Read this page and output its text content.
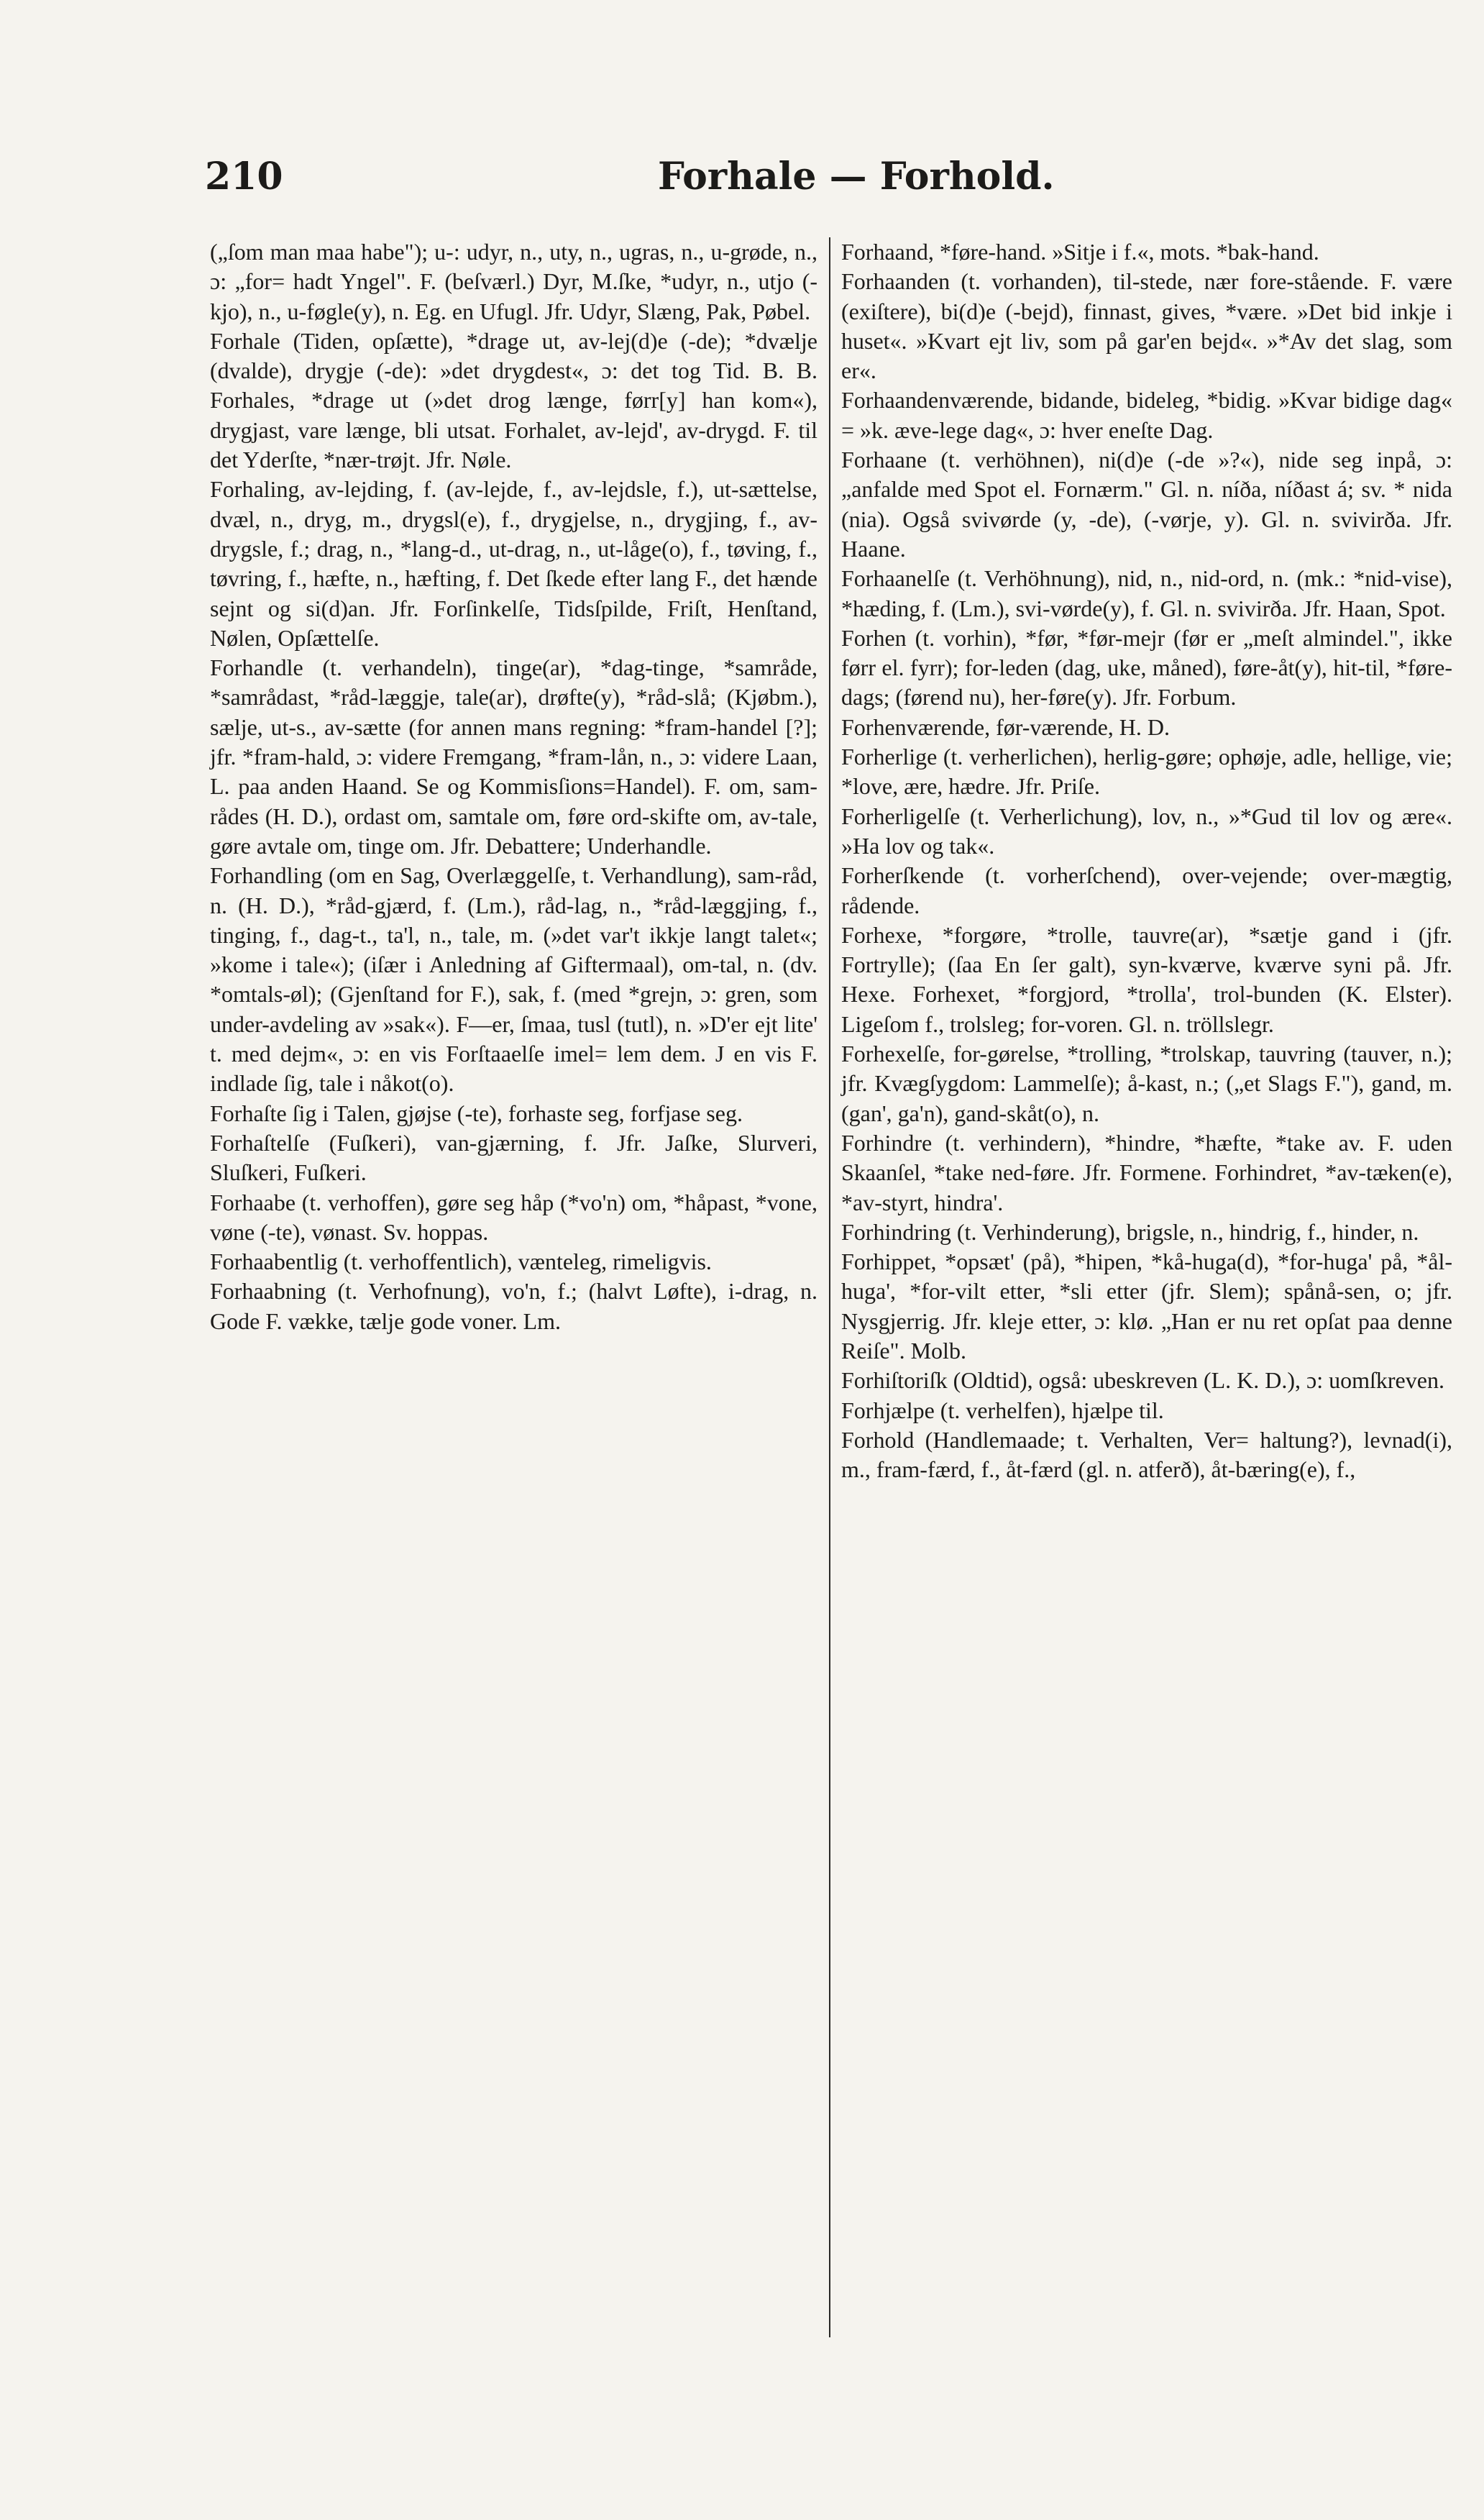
210	Forhale — Forhold.

(„ſom man maa habe"); u-: udyr, n., uty, n., ugras, n., u-grøde, n., ɔ: „for= hadt Yngel". F. (beſværl.) Dyr, M.ſke, *udyr, n., utjo (-kjo), n., u-føgle(y), n. Eg. en Ufugl. Jfr. Udyr, Slæng, Pak, Pøbel.

Forhale (Tiden, opſætte), *drage ut, av-lej(d)e (-de); *dvælje (dvalde), drygje (-de): »det drygdest«, ɔ: det tog Tid. B. B. Forhales, *drage ut (»det drog længe, førr[y] han kom«), drygjast, vare længe, bli utsat. Forhalet, av-lejd', av-drygd. F. til det Yderſte, *nær-trøjt. Jfr. Nøle.

Forhaling, av-lejding, f. (av-lejde, f., av-lejdsle, f.), ut-sættelse, dvæl, n., dryg, m., drygsl(e), f., drygjelse, n., drygjing, f., av-drygsle, f.; drag, n., *lang-d., ut-drag, n., ut-låge(o), f., tøving, f., tøvring, f., hæfte, n., hæfting, f. Det ſkede efter lang F., det hænde sejnt og si(d)an. Jfr. Forſinkelſe, Tidsſpilde, Friſt, Henſtand, Nølen, Opſættelſe.

Forhandle (t. verhandeln), tinge(ar), *dag-tinge, *samråde, *samrådast, *råd-læggje, tale(ar), drøfte(y), *råd-slå; (Kjøbm.), sælje, ut-s., av-sætte (for annen mans regning: *fram-handel [?]; jfr. *fram-hald, ɔ: videre Fremgang, *fram-lån, n., ɔ: videre Laan, L. paa anden Haand. Se og Kommisſions=Handel). F. om, sam-rådes (H. D.), ordast om, samtale om, føre ord-skifte om, av-tale, gøre avtale om, tinge om. Jfr. Debattere; Underhandle.

Forhandling (om en Sag, Overlæggelſe, t. Verhandlung), sam-råd, n. (H. D.), *råd-gjærd, f. (Lm.), råd-lag, n., *råd-læggjing, f., tinging, f., dag-t., ta'l, n., tale, m. (»det var't ikkje langt talet«; »kome i tale«); (iſær i Anledning af Giftermaal), om-tal, n. (dv. *omtals-øl); (Gjenſtand for F.), sak, f. (med *grejn, ɔ: gren, som under-avdeling av »sak«). F—er, ſmaa, tusl (tutl), n. »D'er ejt lite' t. med dejm«, ɔ: en vis Forſtaaelſe imel= lem dem. J en vis F. indlade ſig, tale i nåkot(o).

Forhaſte ſig i Talen, gjøjse (-te), forhaste seg, forfjase seg.

Forhaſtelſe (Fuſkeri), van-gjærning, f. Jfr. Jaſke, Slurveri, Sluſkeri, Fuſkeri.

Forhaabe (t. verhoffen), gøre seg håp (*vo'n) om, *håpast, *vone, vøne (-te), vønast. Sv. hoppas.

Forhaabentlig (t. verhoffentlich), vænteleg, rimeligvis.

Forhaabning (t. Verhofnung), vo'n, f.; (halvt Løfte), i-drag, n. Gode F. vække, tælje gode voner. Lm.

Forhaand, *føre-hand. »Sitje i f.«, mots. *bak-hand.

Forhaanden (t. vorhanden), til-stede, nær fore-stående. F. være (exiſtere), bi(d)e (-bejd), finnast, gives, *være. »Det bid inkje i huset«. »Kvart ejt liv, som på gar'en bejd«. »*Av det slag, som er«.

Forhaandenværende, bidande, bideleg, *bidig. »Kvar bidige dag« = »k. æve-lege dag«, ɔ: hver eneſte Dag.

Forhaane (t. verhöhnen), ni(d)e (-de »?«), nide seg inpå, ɔ: „anfalde med Spot el. Fornærm." Gl. n. níða, níðast á; sv. * nida (nia). Også svivørde (y, -de), (-vørje, y). Gl. n. svivirða. Jfr. Haane.

Forhaanelſe (t. Verhöhnung), nid, n., nid-ord, n. (mk.: *nid-vise), *hæding, f. (Lm.), svi-vørde(y), f. Gl. n. svivirða. Jfr. Haan, Spot.

Forhen (t. vorhin), *før, *før-mejr (før er „meſt almindel.", ikke førr el. fyrr); for-leden (dag, uke, måned), føre-åt(y), hit-til, *føre-dags; (førend nu), her-føre(y). Jfr. Forbum.

Forhenværende, før-værende, H. D.

Forherlige (t. verherlichen), herlig-gøre; ophøje, adle, hellige, vie; *love, ære, hædre. Jfr. Priſe.

Forherligelſe (t. Verherlichung), lov, n., »*Gud til lov og ære«. »Ha lov og tak«.

Forherſkende (t. vorherſchend), over-vejende; over-mægtig, rådende.

Forhexe, *forgøre, *trolle, tauvre(ar), *sætje gand i (jfr. Fortrylle); (ſaa En ſer galt), syn-kværve, kværve syni på. Jfr. Hexe. Forhexet, *forgjord, *trolla', trol-bunden (K. Elster). Ligeſom f., trolsleg; for-voren. Gl. n. tröllslegr.

Forhexelſe, for-gørelse, *trolling, *trolskap, tauvring (tauver, n.); jfr. Kvægſygdom: Lammelſe); å-kast, n.; („et Slags F."), gand, m. (gan', ga'n), gand-skåt(o), n.

Forhindre (t. verhindern), *hindre, *hæfte, *take av. F. uden Skaanſel, *take ned-føre. Jfr. Formene. Forhindret, *av-tæken(e), *av-styrt, hindra'.

Forhindring (t. Verhinderung), brigsle, n., hindrig, f., hinder, n.

Forhippet, *opsæt' (på), *hipen, *kå-huga(d), *for-huga' på, *ål-huga', *for-vilt etter, *sli etter (jfr. Slem); spånå-sen, o; jfr. Nysgjerrig. Jfr. kleje etter, ɔ: klø. „Han er nu ret opſat paa denne Reiſe". Molb.

Forhiſtoriſk (Oldtid), også: ubeskreven (L. K. D.), ɔ: uomſkreven.

Forhjælpe (t. verhelfen), hjælpe til.

Forhold (Handlemaade; t. Verhalten, Ver= haltung?), levnad(i), m., fram-færd, f., åt-færd (gl. n. atferð), åt-bæring(e), f.,
